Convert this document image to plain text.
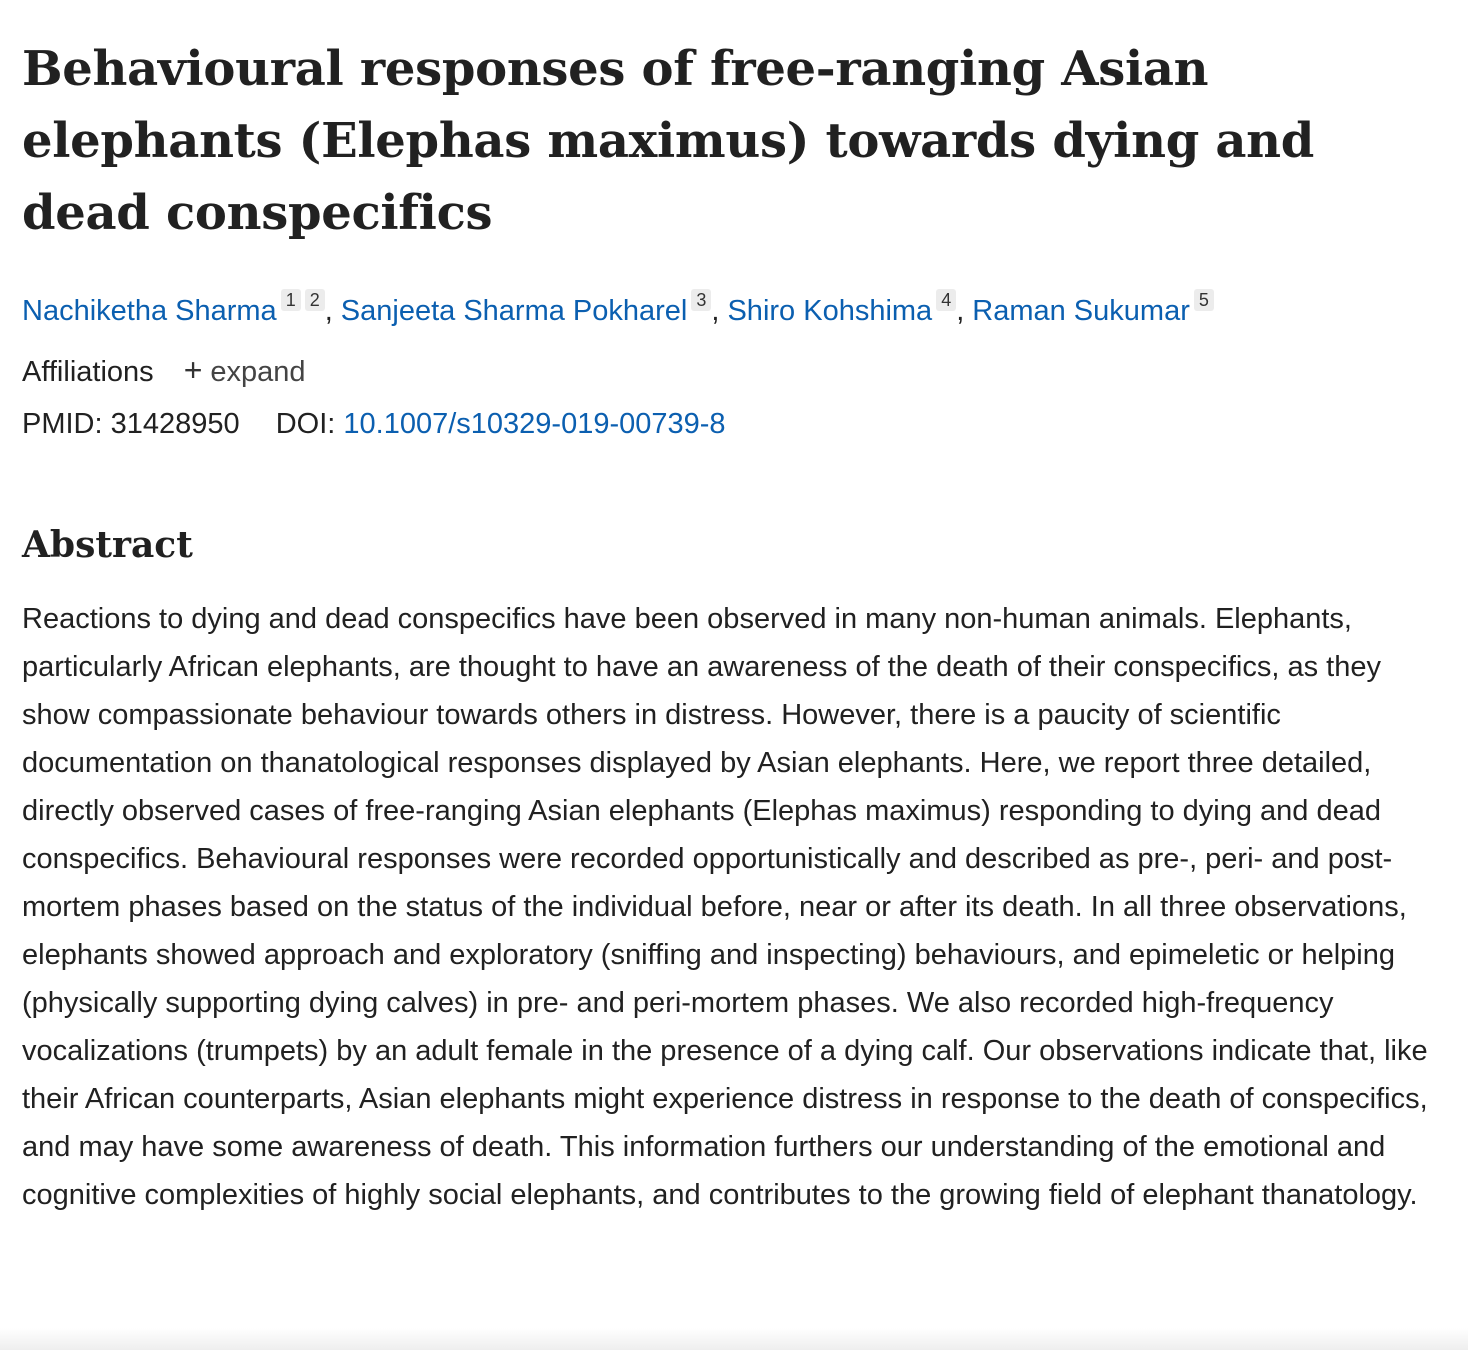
Behavioural responses of free-ranging Asian elephants (Elephas maximus) towards dying and dead conspecifics
Nachiketha Sharma 1 2 , Sanjeeta Sharma Pokharel 3 , Shiro Kohshima 4 , Raman Sukumar 5
Affiliations + expand
PMID: 31428950 DOI: 10.1007/s10329-019-00739-8
Abstract

Reactions to dying and dead conspecifics have been observed in many non-human animals. Elephants, particularly African elephants, are thought to have an awareness of the death of their conspecifics, as they show compassionate behaviour towards others in distress. However, there is a paucity of scientific documentation on thanatological responses displayed by Asian elephants. Here, we report three detailed, directly observed cases of free-ranging Asian elephants (Elephas maximus) responding to dying and dead conspecifics. Behavioural responses were recorded opportunistically and described as pre-, peri- and post-mortem phases based on the status of the individual before, near or after its death. In all three observations, elephants showed approach and exploratory (sniffing and inspecting) behaviours, and epimeletic or helping (physically supporting dying calves) in pre- and peri-mortem phases. We also recorded high-frequency vocalizations (trumpets) by an adult female in the presence of a dying calf. Our observations indicate that, like their African counterparts, Asian elephants might experience distress in response to the death of conspecifics, and may have some awareness of death. This information furthers our understanding of the emotional and cognitive complexities of highly social elephants, and contributes to the growing field of elephant thanatology.
